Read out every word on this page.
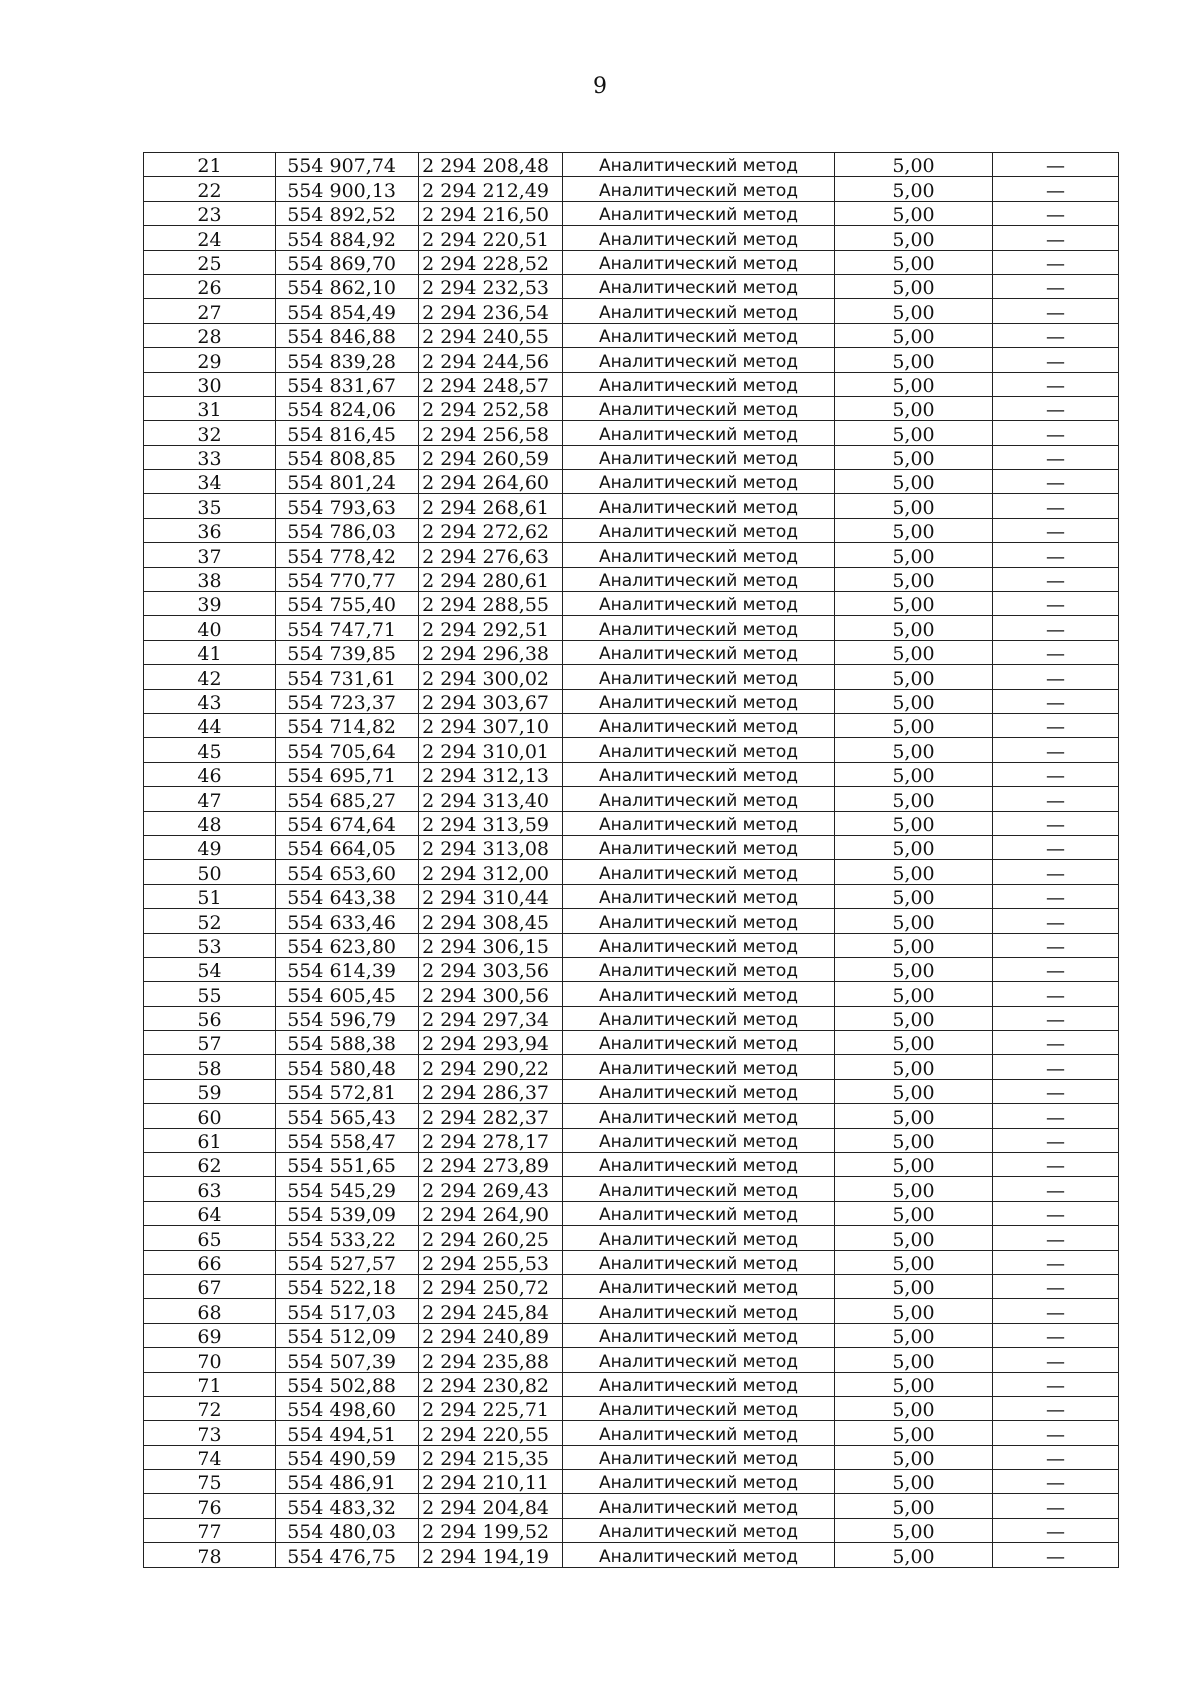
9
21	554 907,74	2 294 208,48	Аналитический метод	5,00	—
22	554 900,13	2 294 212,49	Аналитический метод	5,00	—
23	554 892,52	2 294 216,50	Аналитический метод	5,00	—
24	554 884,92	2 294 220,51	Аналитический метод	5,00	—
25	554 869,70	2 294 228,52	Аналитический метод	5,00	—
26	554 862,10	2 294 232,53	Аналитический метод	5,00	—
27	554 854,49	2 294 236,54	Аналитический метод	5,00	—
28	554 846,88	2 294 240,55	Аналитический метод	5,00	—
29	554 839,28	2 294 244,56	Аналитический метод	5,00	—
30	554 831,67	2 294 248,57	Аналитический метод	5,00	—
31	554 824,06	2 294 252,58	Аналитический метод	5,00	—
32	554 816,45	2 294 256,58	Аналитический метод	5,00	—
33	554 808,85	2 294 260,59	Аналитический метод	5,00	—
34	554 801,24	2 294 264,60	Аналитический метод	5,00	—
35	554 793,63	2 294 268,61	Аналитический метод	5,00	—
36	554 786,03	2 294 272,62	Аналитический метод	5,00	—
37	554 778,42	2 294 276,63	Аналитический метод	5,00	—
38	554 770,77	2 294 280,61	Аналитический метод	5,00	—
39	554 755,40	2 294 288,55	Аналитический метод	5,00	—
40	554 747,71	2 294 292,51	Аналитический метод	5,00	—
41	554 739,85	2 294 296,38	Аналитический метод	5,00	—
42	554 731,61	2 294 300,02	Аналитический метод	5,00	—
43	554 723,37	2 294 303,67	Аналитический метод	5,00	—
44	554 714,82	2 294 307,10	Аналитический метод	5,00	—
45	554 705,64	2 294 310,01	Аналитический метод	5,00	—
46	554 695,71	2 294 312,13	Аналитический метод	5,00	—
47	554 685,27	2 294 313,40	Аналитический метод	5,00	—
48	554 674,64	2 294 313,59	Аналитический метод	5,00	—
49	554 664,05	2 294 313,08	Аналитический метод	5,00	—
50	554 653,60	2 294 312,00	Аналитический метод	5,00	—
51	554 643,38	2 294 310,44	Аналитический метод	5,00	—
52	554 633,46	2 294 308,45	Аналитический метод	5,00	—
53	554 623,80	2 294 306,15	Аналитический метод	5,00	—
54	554 614,39	2 294 303,56	Аналитический метод	5,00	—
55	554 605,45	2 294 300,56	Аналитический метод	5,00	—
56	554 596,79	2 294 297,34	Аналитический метод	5,00	—
57	554 588,38	2 294 293,94	Аналитический метод	5,00	—
58	554 580,48	2 294 290,22	Аналитический метод	5,00	—
59	554 572,81	2 294 286,37	Аналитический метод	5,00	—
60	554 565,43	2 294 282,37	Аналитический метод	5,00	—
61	554 558,47	2 294 278,17	Аналитический метод	5,00	—
62	554 551,65	2 294 273,89	Аналитический метод	5,00	—
63	554 545,29	2 294 269,43	Аналитический метод	5,00	—
64	554 539,09	2 294 264,90	Аналитический метод	5,00	—
65	554 533,22	2 294 260,25	Аналитический метод	5,00	—
66	554 527,57	2 294 255,53	Аналитический метод	5,00	—
67	554 522,18	2 294 250,72	Аналитический метод	5,00	—
68	554 517,03	2 294 245,84	Аналитический метод	5,00	—
69	554 512,09	2 294 240,89	Аналитический метод	5,00	—
70	554 507,39	2 294 235,88	Аналитический метод	5,00	—
71	554 502,88	2 294 230,82	Аналитический метод	5,00	—
72	554 498,60	2 294 225,71	Аналитический метод	5,00	—
73	554 494,51	2 294 220,55	Аналитический метод	5,00	—
74	554 490,59	2 294 215,35	Аналитический метод	5,00	—
75	554 486,91	2 294 210,11	Аналитический метод	5,00	—
76	554 483,32	2 294 204,84	Аналитический метод	5,00	—
77	554 480,03	2 294 199,52	Аналитический метод	5,00	—
78	554 476,75	2 294 194,19	Аналитический метод	5,00	—
